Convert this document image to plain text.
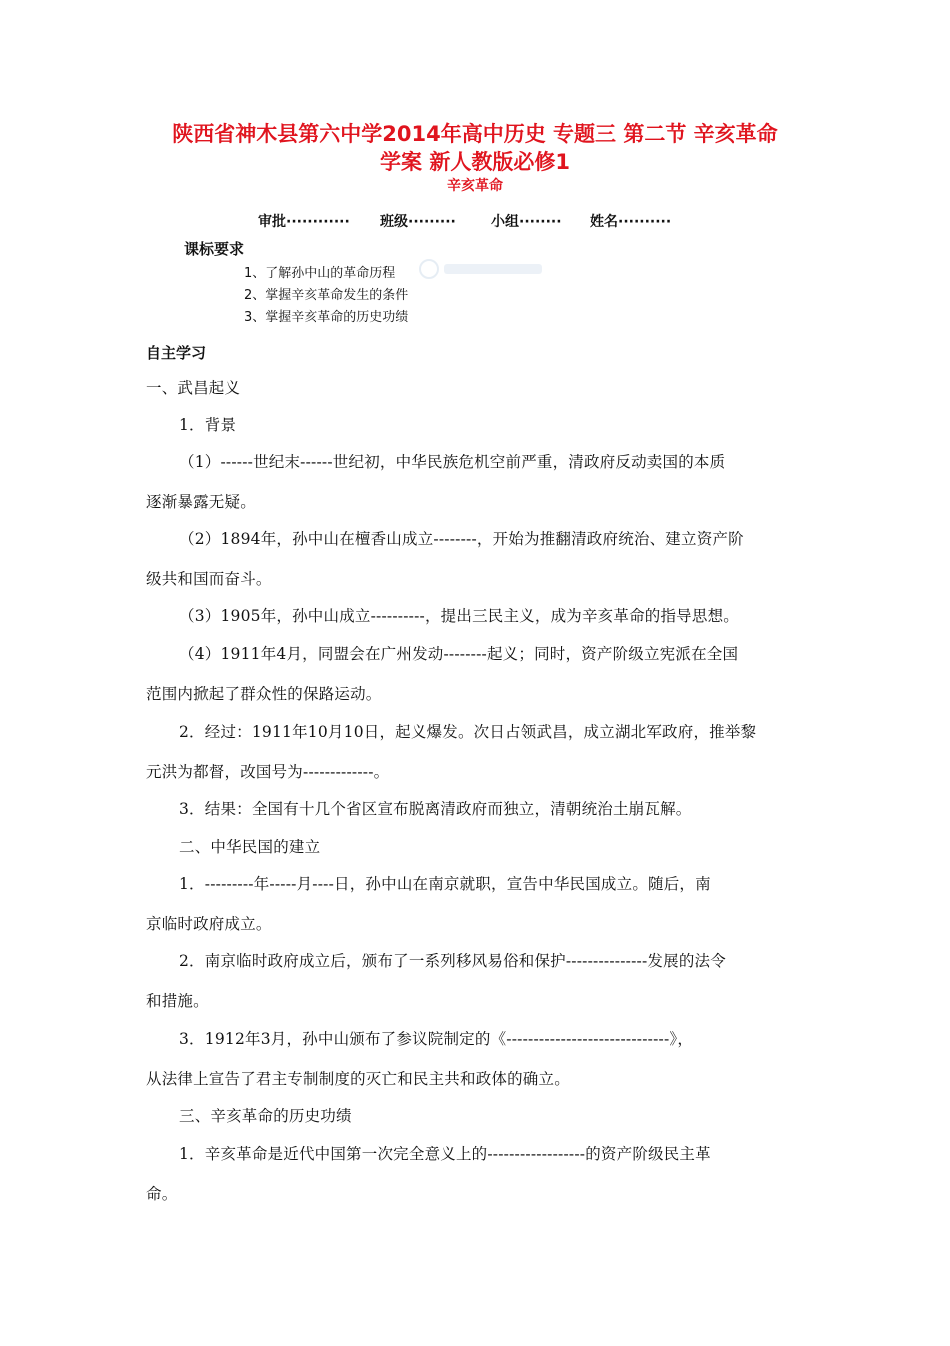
陕西省神木县第六中学2014年高中历史 专题三 第二节 辛亥革命
学案 新人教版必修1
辛亥革命
审批············ 班级·········	小组········ 姓名··········
课标要求
1、了解孙中山的革命历程
2、掌握辛亥革命发生的条件
3、掌握辛亥革命的历史功绩
自主学习
一、武昌起义
1．背景
（1）------世纪末------世纪初，中华民族危机空前严重，清政府反动卖国的本质
逐渐暴露无疑。
（2）1894年，孙中山在檀香山成立--------，开始为推翻清政府统治、建立资产阶
级共和国而奋斗。
（3）1905年，孙中山成立----------，提出三民主义，成为辛亥革命的指导思想。
（4）1911年4月，同盟会在广州发动--------起义；同时，资产阶级立宪派在全国
范围内掀起了群众性的保路运动。
2．经过：1911年10月10日，起义爆发。次日占领武昌，成立湖北军政府，推举黎
元洪为都督，改国号为-------------。
3．结果：全国有十几个省区宣布脱离清政府而独立，清朝统治土崩瓦解。
二、中华民国的建立
1．---------年-----月----日，孙中山在南京就职，宣告中华民国成立。随后，南
京临时政府成立。
2．南京临时政府成立后，颁布了一系列移风易俗和保护---------------发展的法令
和措施。
3．1912年3月，孙中山颁布了参议院制定的《------------------------------》，
从法律上宣告了君主专制制度的灭亡和民主共和政体的确立。
三、辛亥革命的历史功绩
1．辛亥革命是近代中国第一次完全意义上的------------------的资产阶级民主革
命。
